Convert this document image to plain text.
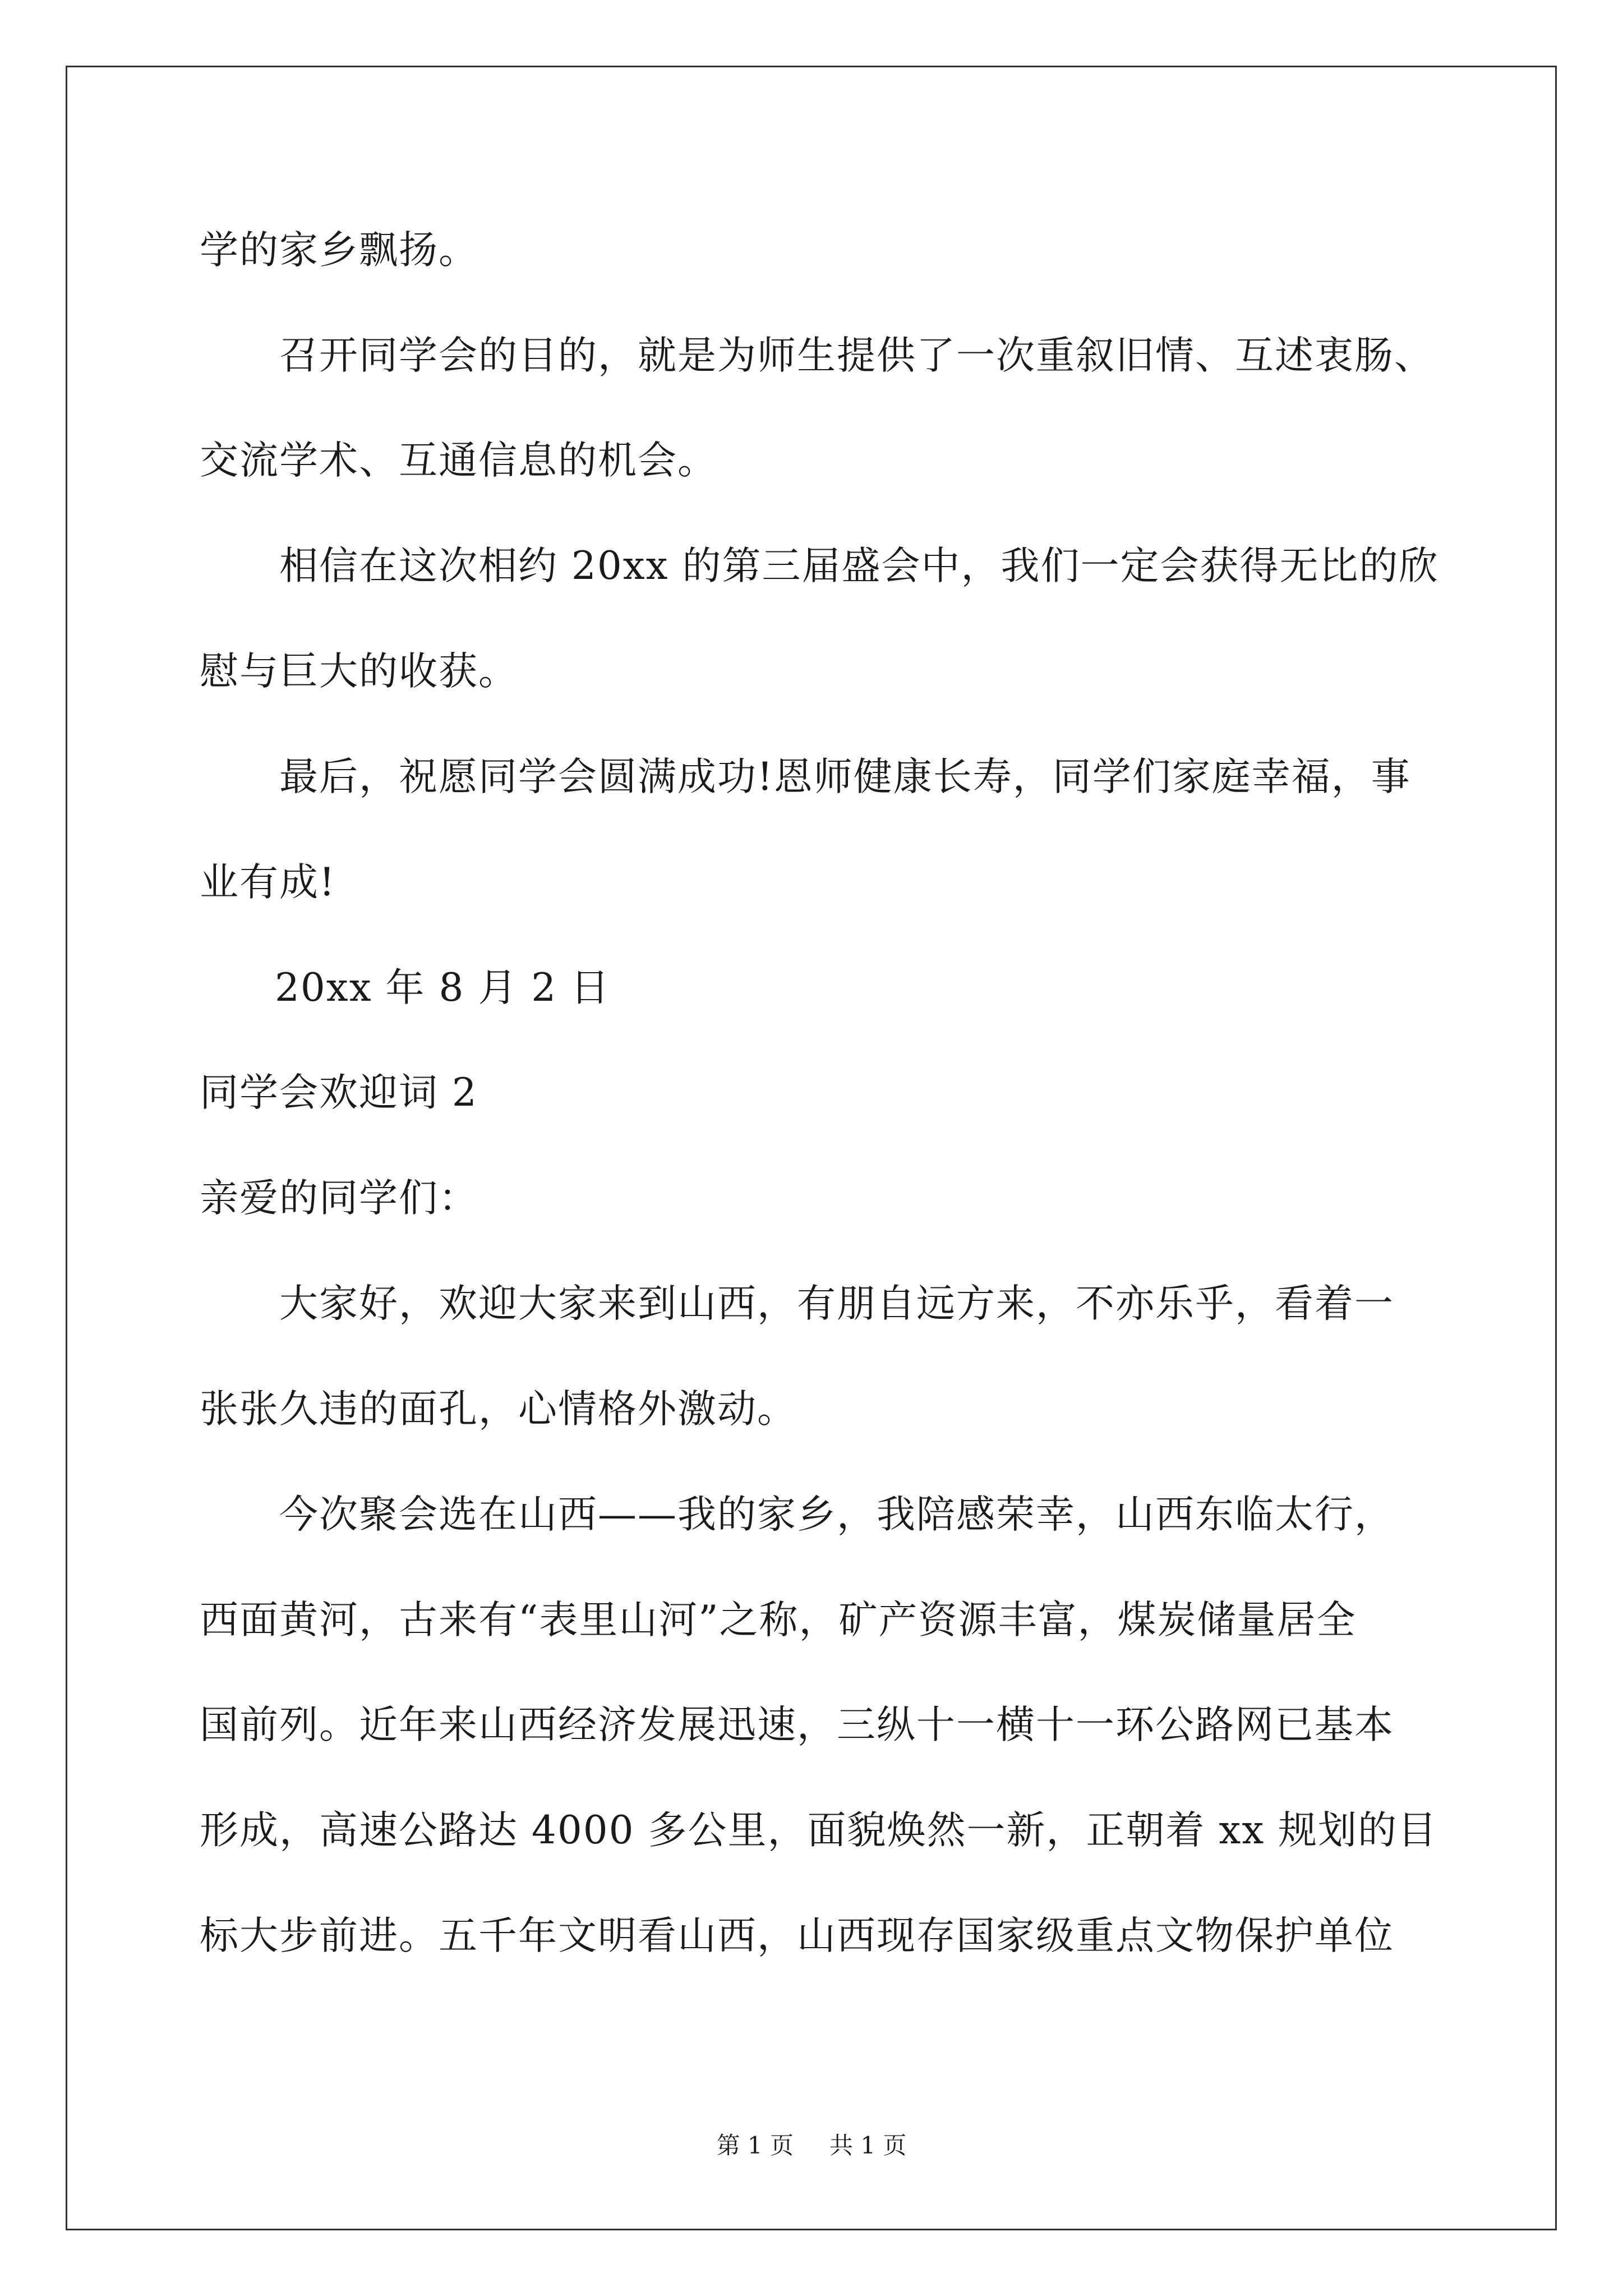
学的家乡飘扬。
召开同学会的目的，就是为师生提供了一次重叙旧情、互述衷肠、
交流学术、互通信息的机会。
相信在这次相约 20xx 的第三届盛会中，我们一定会获得无比的欣
慰与巨大的收获。
最后，祝愿同学会圆满成功!恩师健康长寿，同学们家庭幸福，事
业有成!
20xx 年 8 月 2 日
同学会欢迎词 2
亲爱的同学们：
大家好，欢迎大家来到山西，有朋自远方来，不亦乐乎，看着一
张张久违的面孔，心情格外激动。
今次聚会选在山西——我的家乡，我陪感荣幸，山西东临太行，
西面黄河，古来有“表里山河”之称，矿产资源丰富，煤炭储量居全
国前列。近年来山西经济发展迅速，三纵十一横十一环公路网已基本
形成，高速公路达 4000 多公里，面貌焕然一新，正朝着 xx 规划的目
标大步前进。五千年文明看山西，山西现存国家级重点文物保护单位
第 1 页 共 1 页
